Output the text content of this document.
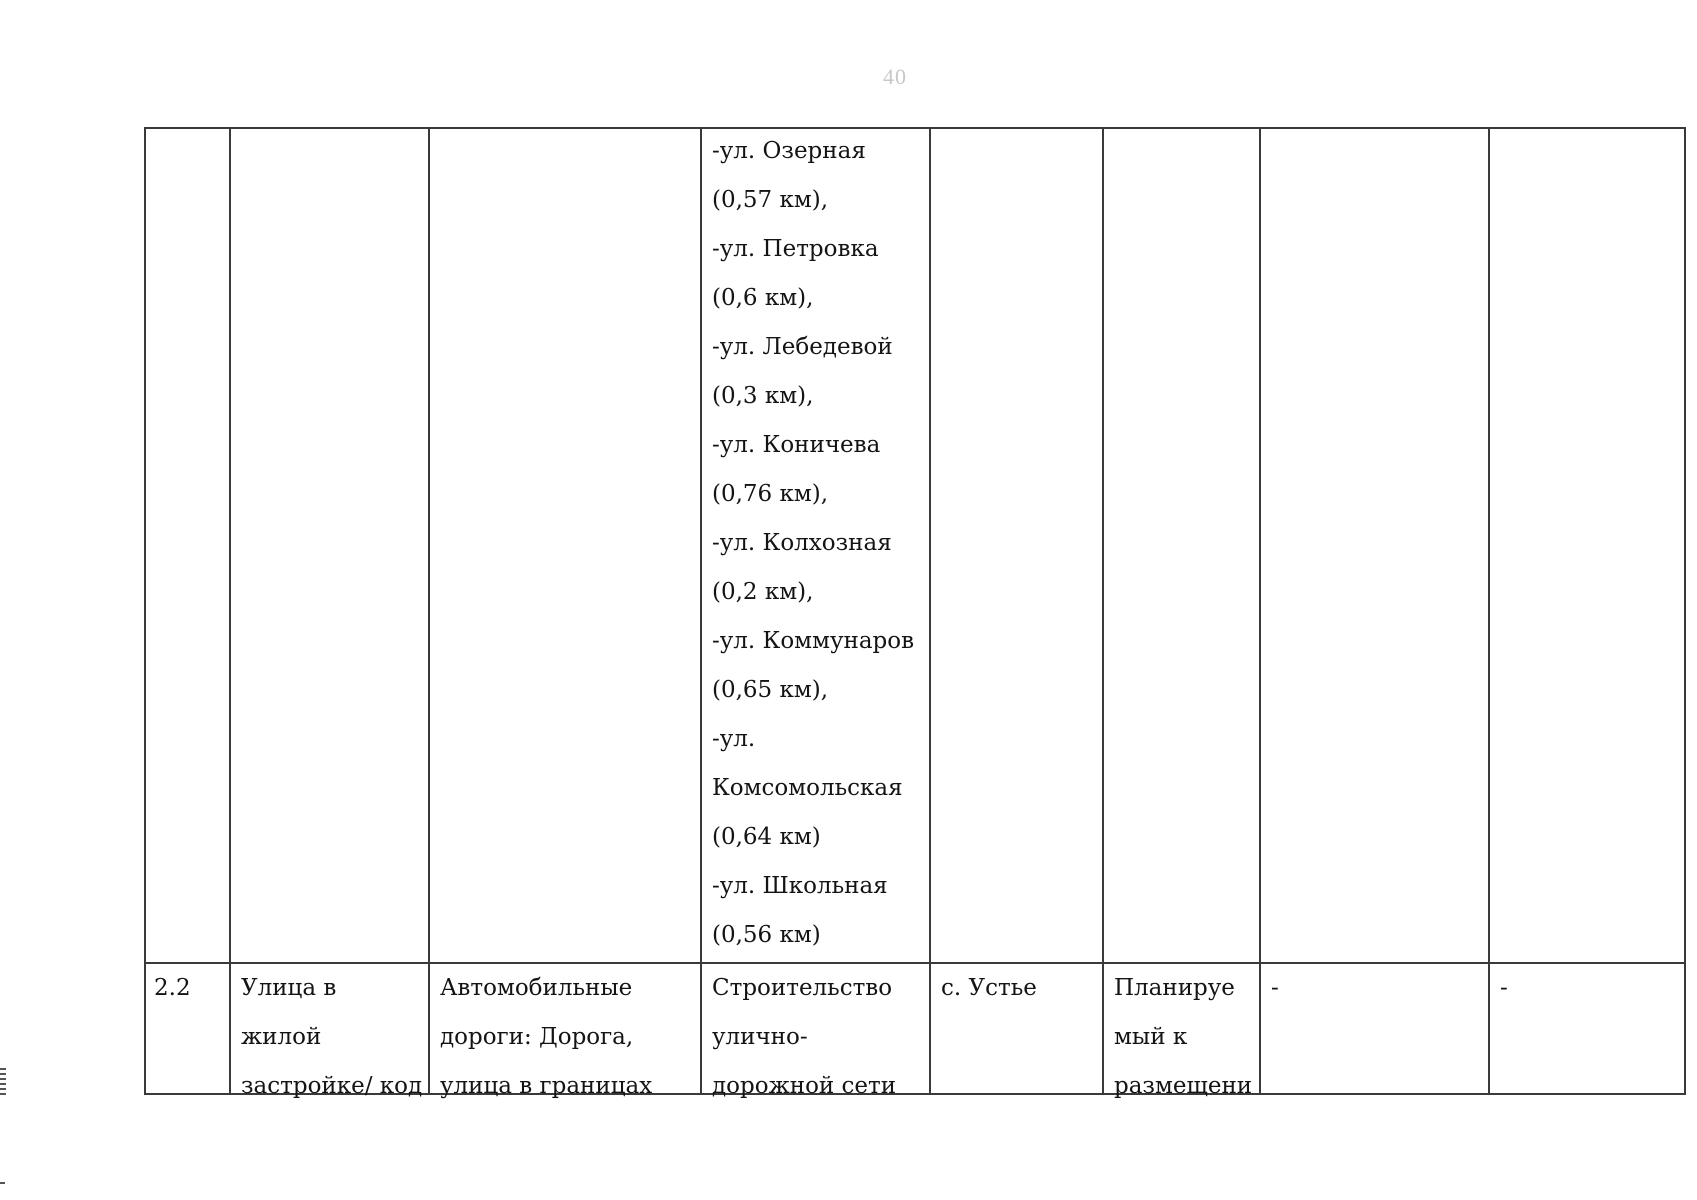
40
-ул. Озерная
(0,57 км),
-ул. Петровка
(0,6 км),
-ул. Лебедевой
(0,3 км),
-ул. Коничева
(0,76 км),
-ул. Колхозная
(0,2 км),
-ул. Коммунаров
(0,65 км),
-ул.
Комсомольская
(0,64 км)
-ул. Школьная
(0,56 км)
2.2 Улица в
жилой
застройке/ код
Автомобильные
дороги: Дорога,
улица в границах
Строительство
улично-
дорожной сети
с. Устье	Планируе
мый к
размещени
-	-
